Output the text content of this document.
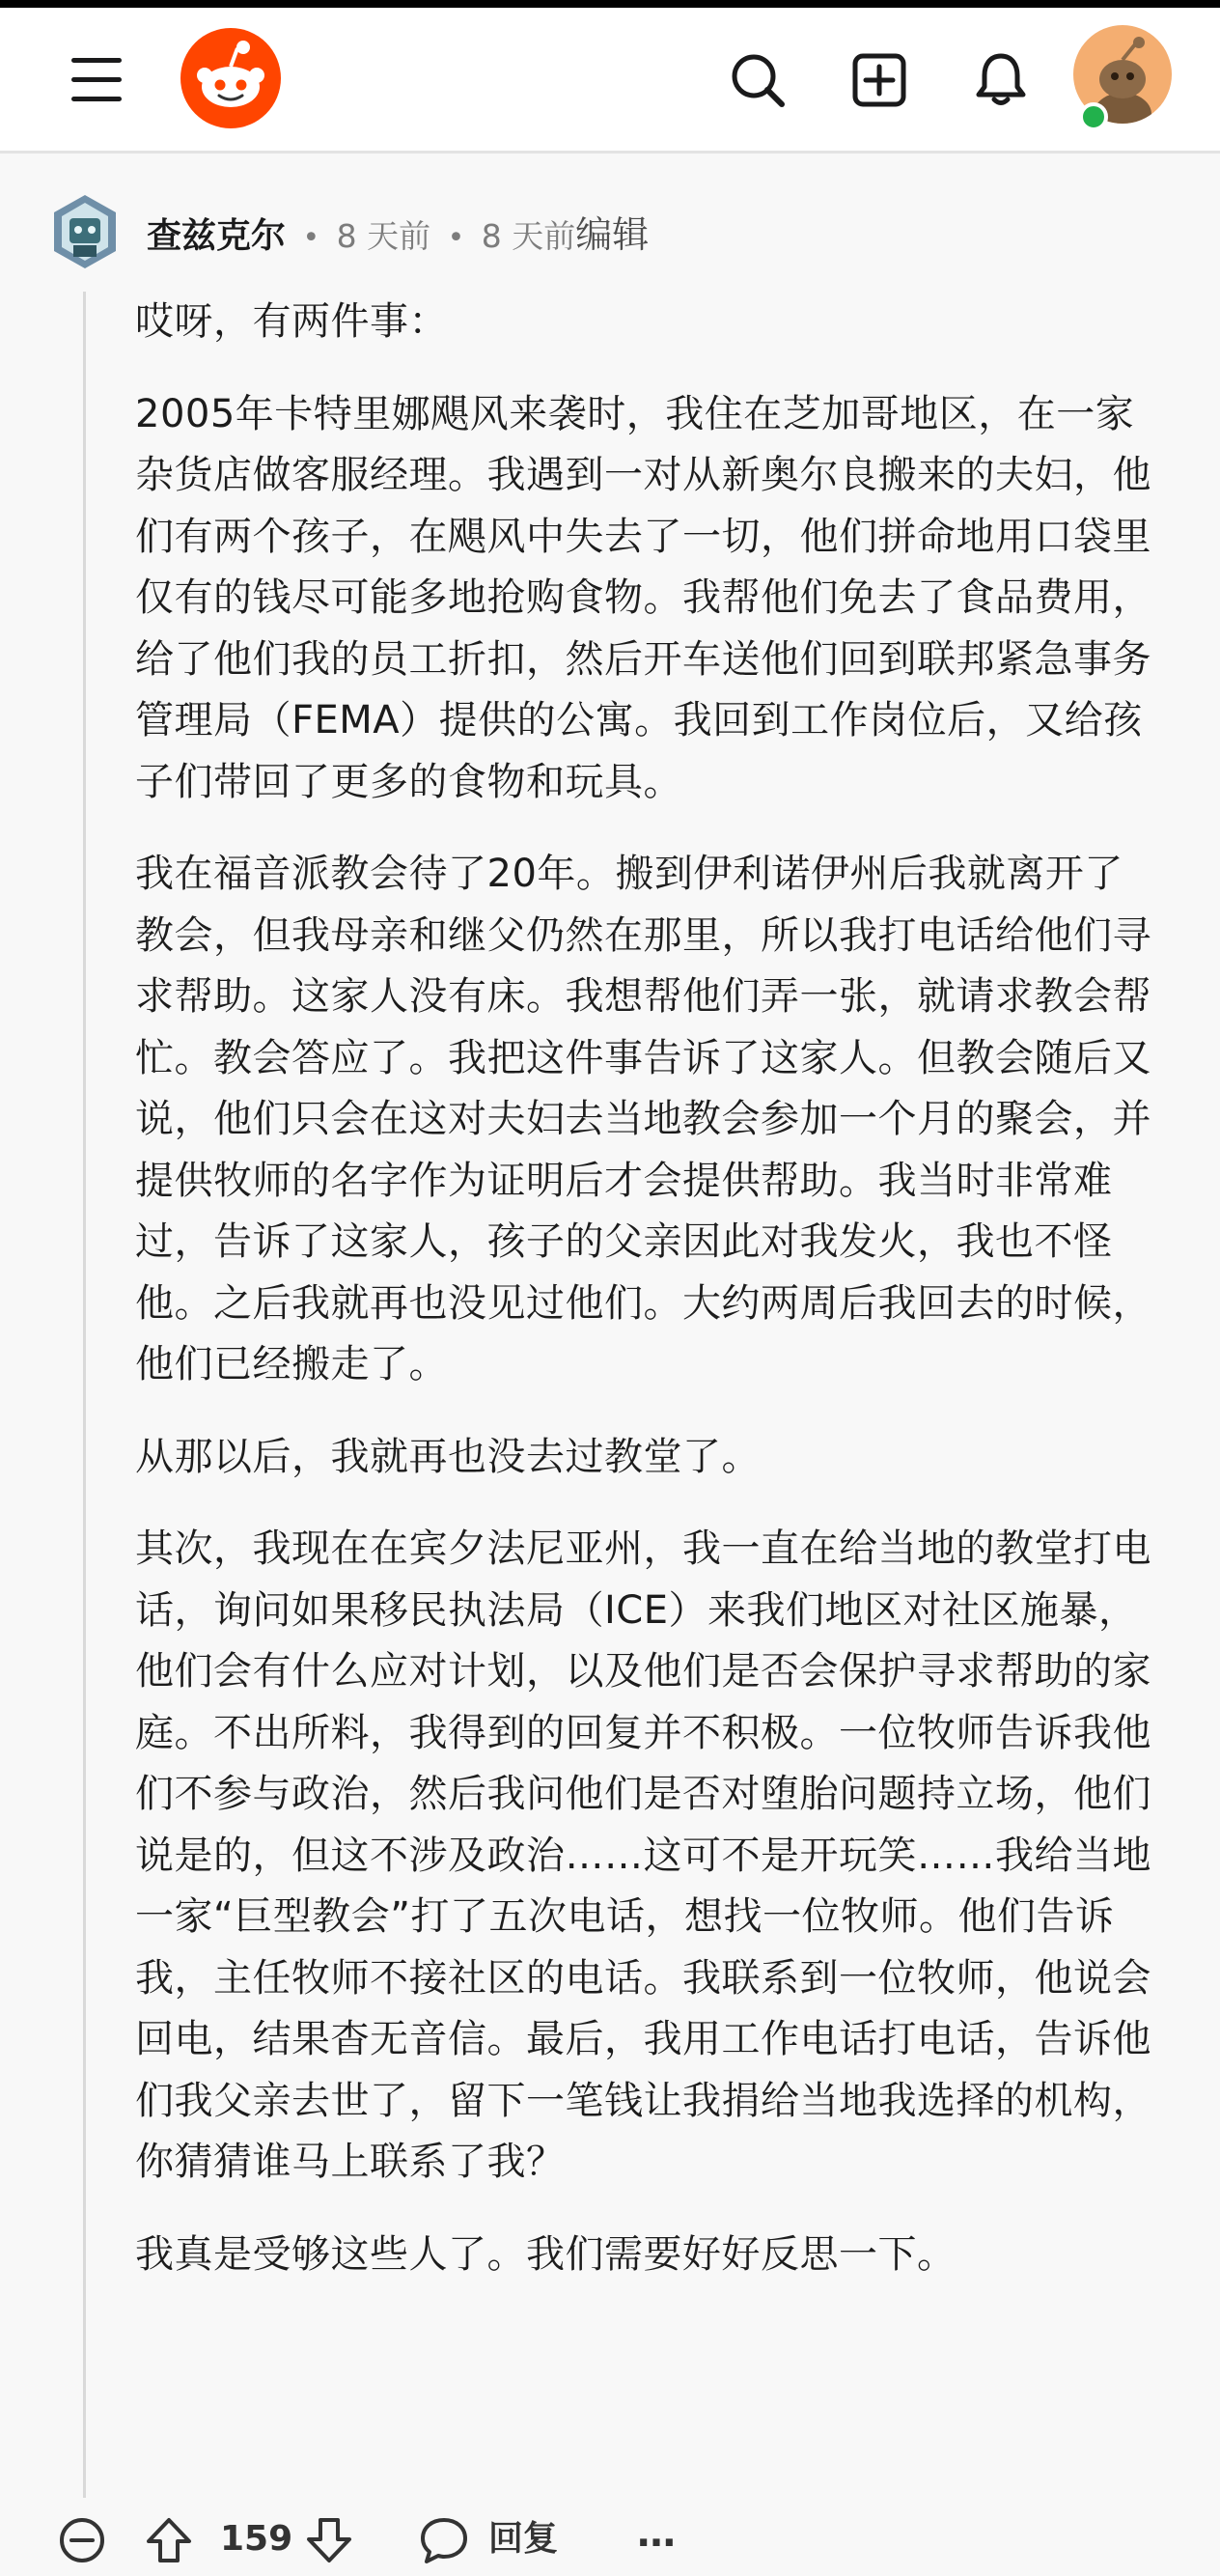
查兹克尔 • 8 天前 • 8 天前编辑

哎呀，有两件事：

2005年卡特里娜飓风来袭时，我住在芝加哥地区，在一家杂货店做客服经理。我遇到一对从新奥尔良搬来的夫妇，他们有两个孩子，在飓风中失去了一切，他们拼命地用口袋里仅有的钱尽可能多地抢购食物。我帮他们免去了食品费用，给了他们我的员工折扣，然后开车送他们回到联邦紧急事务管理局（FEMA）提供的公寓。我回到工作岗位后，又给孩子们带回了更多的食物和玩具。

我在福音派教会待了20年。搬到伊利诺伊州后我就离开了教会，但我母亲和继父仍然在那里，所以我打电话给他们寻求帮助。这家人没有床。我想帮他们弄一张，就请求教会帮忙。教会答应了。我把这件事告诉了这家人。但教会随后又说，他们只会在这对夫妇去当地教会参加一个月的聚会，并提供牧师的名字作为证明后才会提供帮助。我当时非常难过，告诉了这家人，孩子的父亲因此对我发火，我也不怪他。之后我就再也没见过他们。大约两周后我回去的时候，他们已经搬走了。

从那以后，我就再也没去过教堂了。

其次，我现在在宾夕法尼亚州，我一直在给当地的教堂打电话，询问如果移民执法局（ICE）来我们地区对社区施暴，他们会有什么应对计划，以及他们是否会保护寻求帮助的家庭。不出所料，我得到的回复并不积极。一位牧师告诉我他们不参与政治，然后我问他们是否对堕胎问题持立场，他们说是的，但这不涉及政治……这可不是开玩笑……我给当地一家“巨型教会”打了五次电话，想找一位牧师。他们告诉我，主任牧师不接社区的电话。我联系到一位牧师，他说会回电，结果杳无音信。最后，我用工作电话打电话，告诉他们我父亲去世了，留下一笔钱让我捐给当地我选择的机构，你猜猜谁马上联系了我？

我真是受够这些人了。我们需要好好反思一下。

159	回复 …
